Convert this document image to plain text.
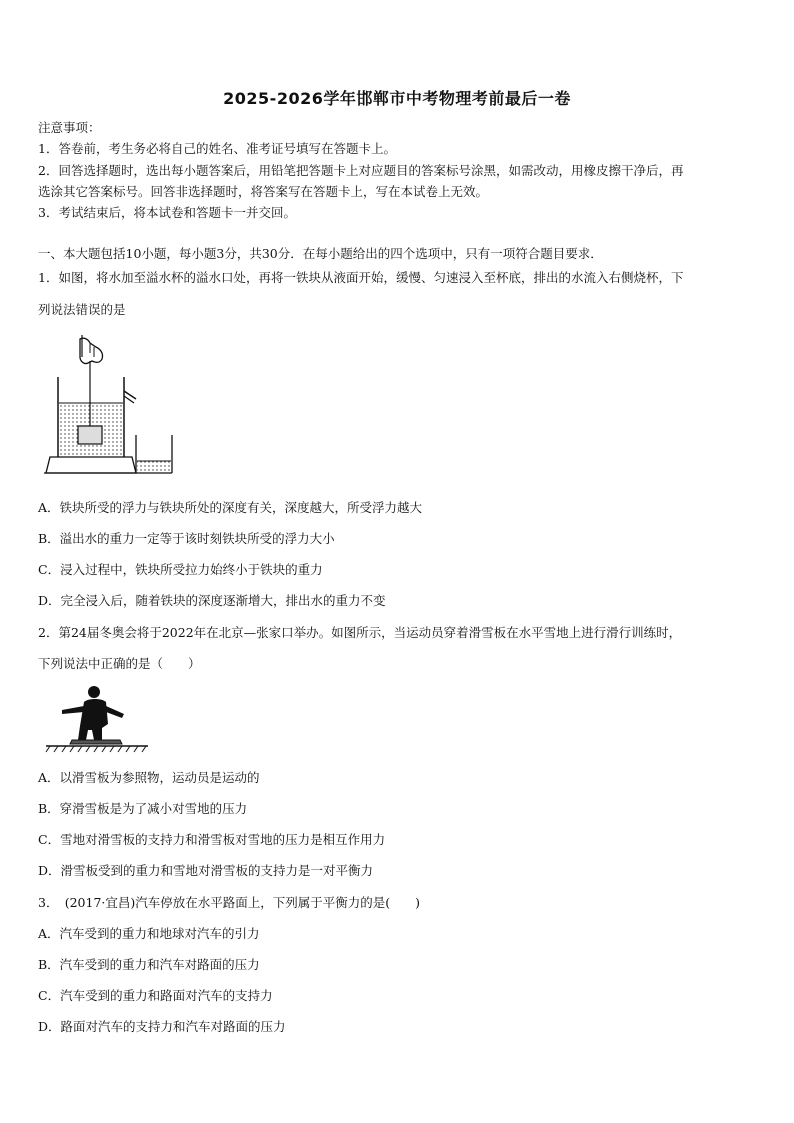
2025-2026学年邯郸市中考物理考前最后一卷
注意事项：
1．答卷前，考生务必将自己的姓名、准考证号填写在答题卡上。
2．回答选择题时，选出每小题答案后，用铅笔把答题卡上对应题目的答案标号涂黑，如需改动，用橡皮擦干净后，再
选涂其它答案标号。回答非选择题时，将答案写在答题卡上，写在本试卷上无效。
3．考试结束后，将本试卷和答题卡一并交回。
一、本大题包括10小题，每小题3分，共30分．在每小题给出的四个选项中，只有一项符合题目要求．
1．如图，将水加至溢水杯的溢水口处，再将一铁块从液面开始，缓慢、匀速浸入至杯底，排出的水流入右侧烧杯，下
列说法错误的是
A．铁块所受的浮力与铁块所处的深度有关，深度越大，所受浮力越大
B．溢出水的重力一定等于该时刻铁块所受的浮力大小
C．浸入过程中，铁块所受拉力始终小于铁块的重力
D．完全浸入后，随着铁块的深度逐渐增大，排出水的重力不变
2．第24届冬奥会将于2022年在北京—张家口举办。如图所示，当运动员穿着滑雪板在水平雪地上进行滑行训练时，
下列说法中正确的是（　　）
A．以滑雪板为参照物，运动员是运动的
B．穿滑雪板是为了减小对雪地的压力
C．雪地对滑雪板的支持力和滑雪板对雪地的压力是相互作用力
D．滑雪板受到的重力和雪地对滑雪板的支持力是一对平衡力
3．　(2017·宜昌)汽车停放在水平路面上，下列属于平衡力的是(　　)
A．汽车受到的重力和地球对汽车的引力
B．汽车受到的重力和汽车对路面的压力
C．汽车受到的重力和路面对汽车的支持力
D．路面对汽车的支持力和汽车对路面的压力
